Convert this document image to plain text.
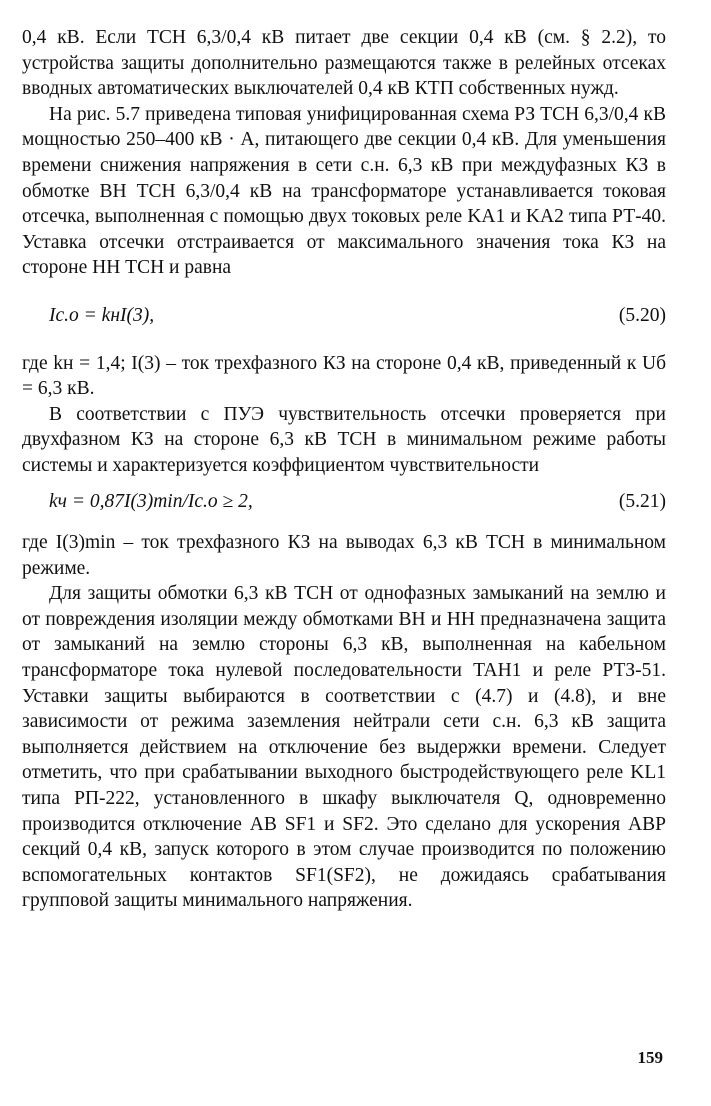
0,4 кВ. Если ТСН 6,3/0,4 кВ питает две секции 0,4 кВ (см. § 2.2), то устройства защиты дополнительно размещаются также в релейных отсеках вводных автоматических выключателей 0,4 кВ КТП собственных нужд.

На рис. 5.7 приведена типовая унифицированная схема РЗ ТСН 6,3/0,4 кВ мощностью 250–400 кВ · А, питающего две секции 0,4 кВ. Для уменьшения времени снижения напряжения в сети с.н. 6,3 кВ при междуфазных КЗ в обмотке ВН ТСН 6,3/0,4 кВ на трансформаторе устанавливается токовая отсечка, выполненная с помощью двух токовых реле KA1 и KA2 типа РТ-40. Уставка отсечки отстраивается от максимального значения тока КЗ на стороне НН ТСН и равна

Iс.о = kнI(3),	(5.20)

где kн = 1,4; I(3) – ток трехфазного КЗ на стороне 0,4 кВ, приведенный к Uб = 6,3 кВ.

В соответствии с ПУЭ чувствительность отсечки проверяется при двухфазном КЗ на стороне 6,3 кВ ТСН в минимальном режиме работы системы и характеризуется коэффициентом чувствительности

kч = 0,87I(3)min/Iс.о ≥ 2,	(5.21)

где I(3)min – ток трехфазного КЗ на выводах 6,3 кВ ТСН в минимальном режиме.

Для защиты обмотки 6,3 кВ ТСН от однофазных замыканий на землю и от повреждения изоляции между обмотками ВН и НН предназначена защита от замыканий на землю стороны 6,3 кВ, выполненная на кабельном трансформаторе тока нулевой последовательности TAH1 и реле РТЗ-51. Уставки защиты выбираются в соответствии с (4.7) и (4.8), и вне зависимости от режима заземления нейтрали сети с.н. 6,3 кВ защита выполняется действием на отключение без выдержки времени. Следует отметить, что при срабатывании выходного быстродействующего реле KL1 типа РП-222, установленного в шкафу выключателя Q, одновременно производится отключение АВ SF1 и SF2. Это сделано для ускорения АВР секций 0,4 кВ, запуск которого в этом случае производится по положению вспомогательных контактов SF1(SF2), не дожидаясь срабатывания групповой защиты минимального напряжения.

159
